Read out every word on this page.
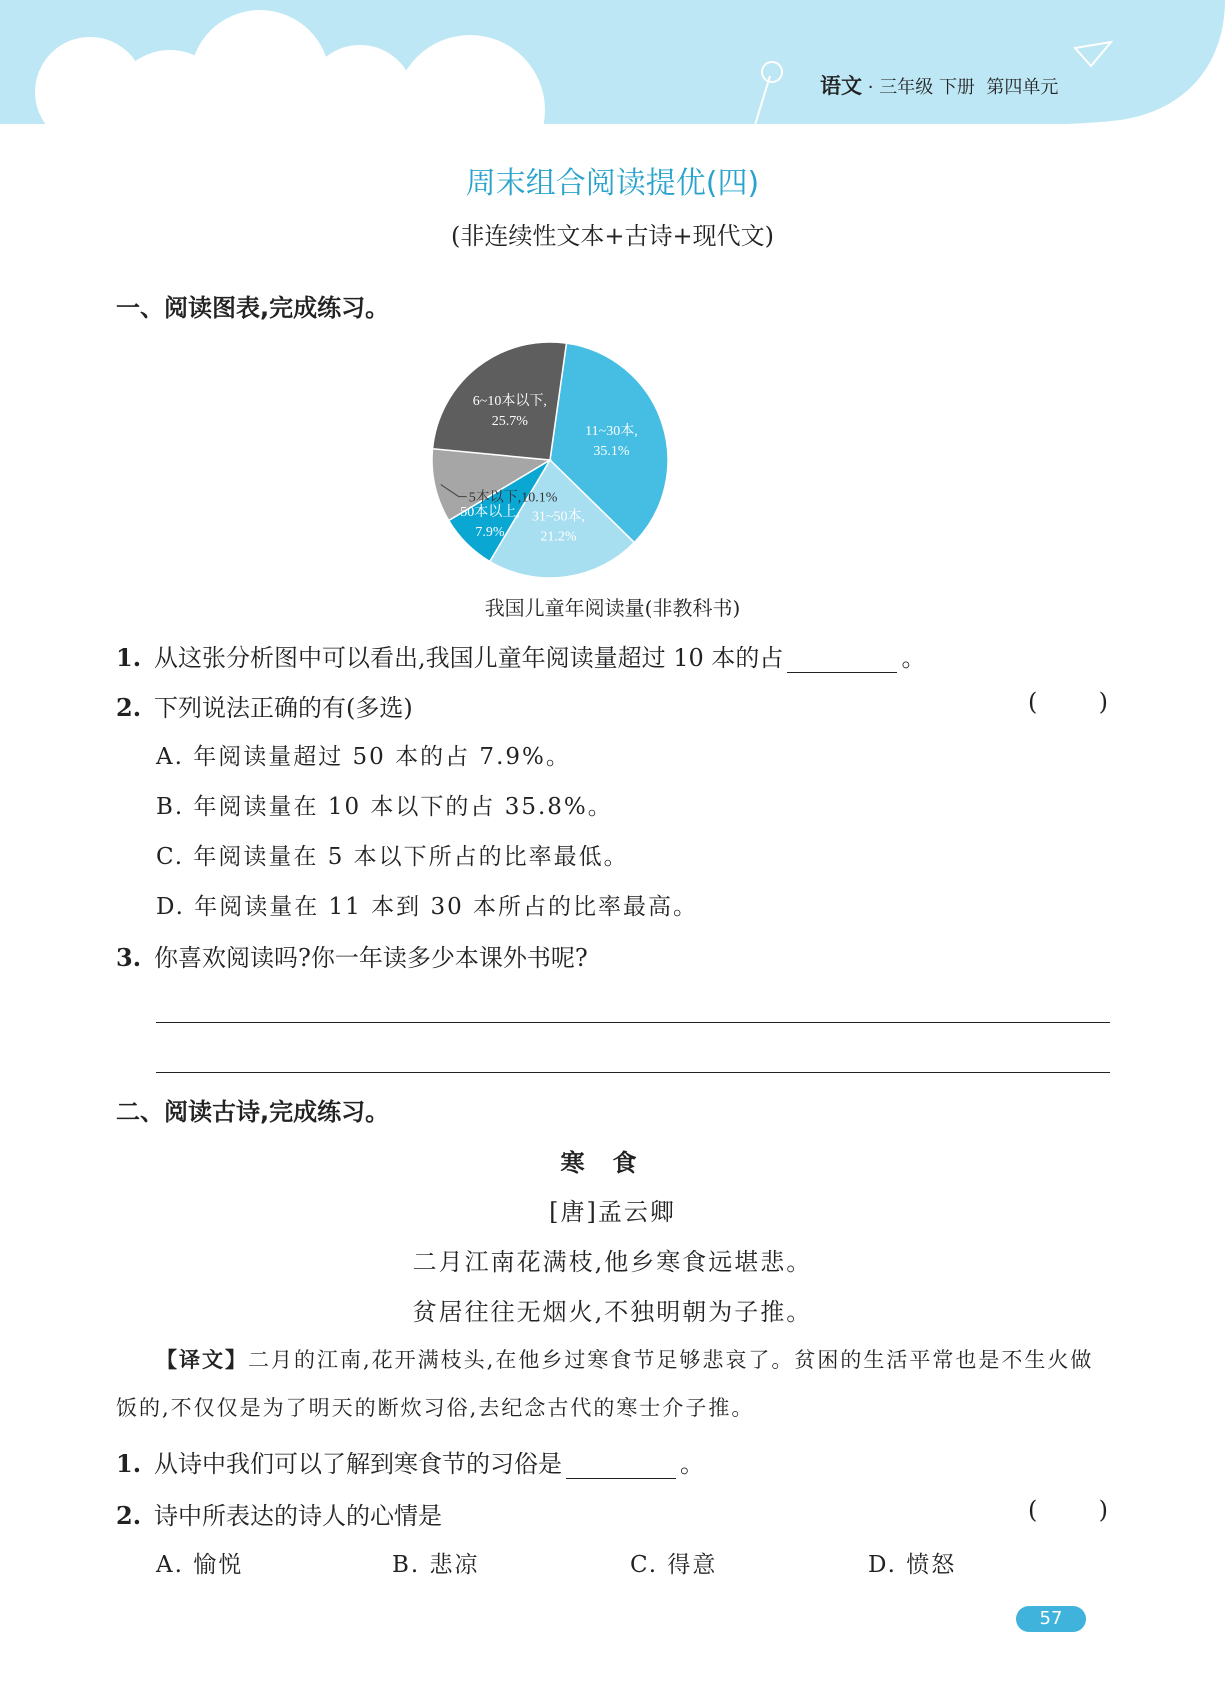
语文 · 三年级 下册 第四单元
周末组合阅读提优(四)
(非连续性文本+古诗+现代文)
一、阅读图表,完成练习。
11~30本, 35.1%
31~50本, 21.2%
50本以上, 7.9%
5本以下,10.1%
6~10本以下, 25.7%
我国儿童年阅读量(非教科书)
1. 从这张分析图中可以看出,我国儿童年阅读量超过 10 本的占	。
2. 下列说法正确的有(多选)	(	)
A. 年阅读量超过 50 本的占 7.9%。
B. 年阅读量在 10 本以下的占 35.8%。
C. 年阅读量在 5 本以下所占的比率最低。
D. 年阅读量在 11 本到 30 本所占的比率最高。
3. 你喜欢阅读吗?你一年读多少本课外书呢?
二、阅读古诗,完成练习。
寒食
[唐]孟云卿
二月江南花满枝,他乡寒食远堪悲。
贫居往往无烟火,不独明朝为子推。
【译文】二月的江南,花开满枝头,在他乡过寒食节足够悲哀了。贫困的生活平常也是不生火做饭的,不仅仅是为了明天的断炊习俗,去纪念古代的寒士介子推。
1. 从诗中我们可以了解到寒食节的习俗是	。
2. 诗中所表达的诗人的心情是	(	)
A. 愉悦	B. 悲凉	C. 得意	D. 愤怒
57
